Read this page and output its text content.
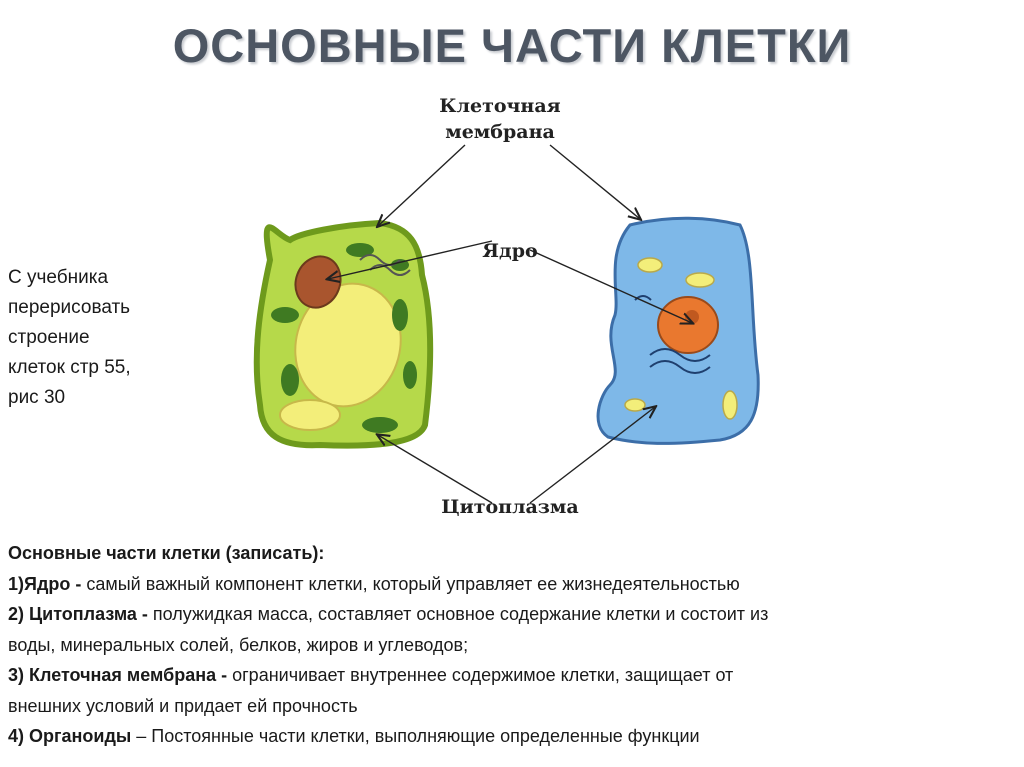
ОСНОВНЫЕ ЧАСТИ КЛЕТКИ
Клеточная
мембрана
Ядро
Цитоплазма
С учебника
перерисовать
строение
клеток стр 55,
рис 30
Основные части клетки (записать):
1)Ядро - самый важный компонент клетки, который управляет ее жизнедеятельностью
2) Цитоплазма - полужидкая масса, составляет основное содержание клетки и состоит из
воды, минеральных солей, белков, жиров и углеводов;
3) Клеточная мембрана - ограничивает внутреннее содержимое клетки, защищает от
внешних условий и придает ей прочность
4) Органоиды – Постоянные части клетки, выполняющие определенные функции
